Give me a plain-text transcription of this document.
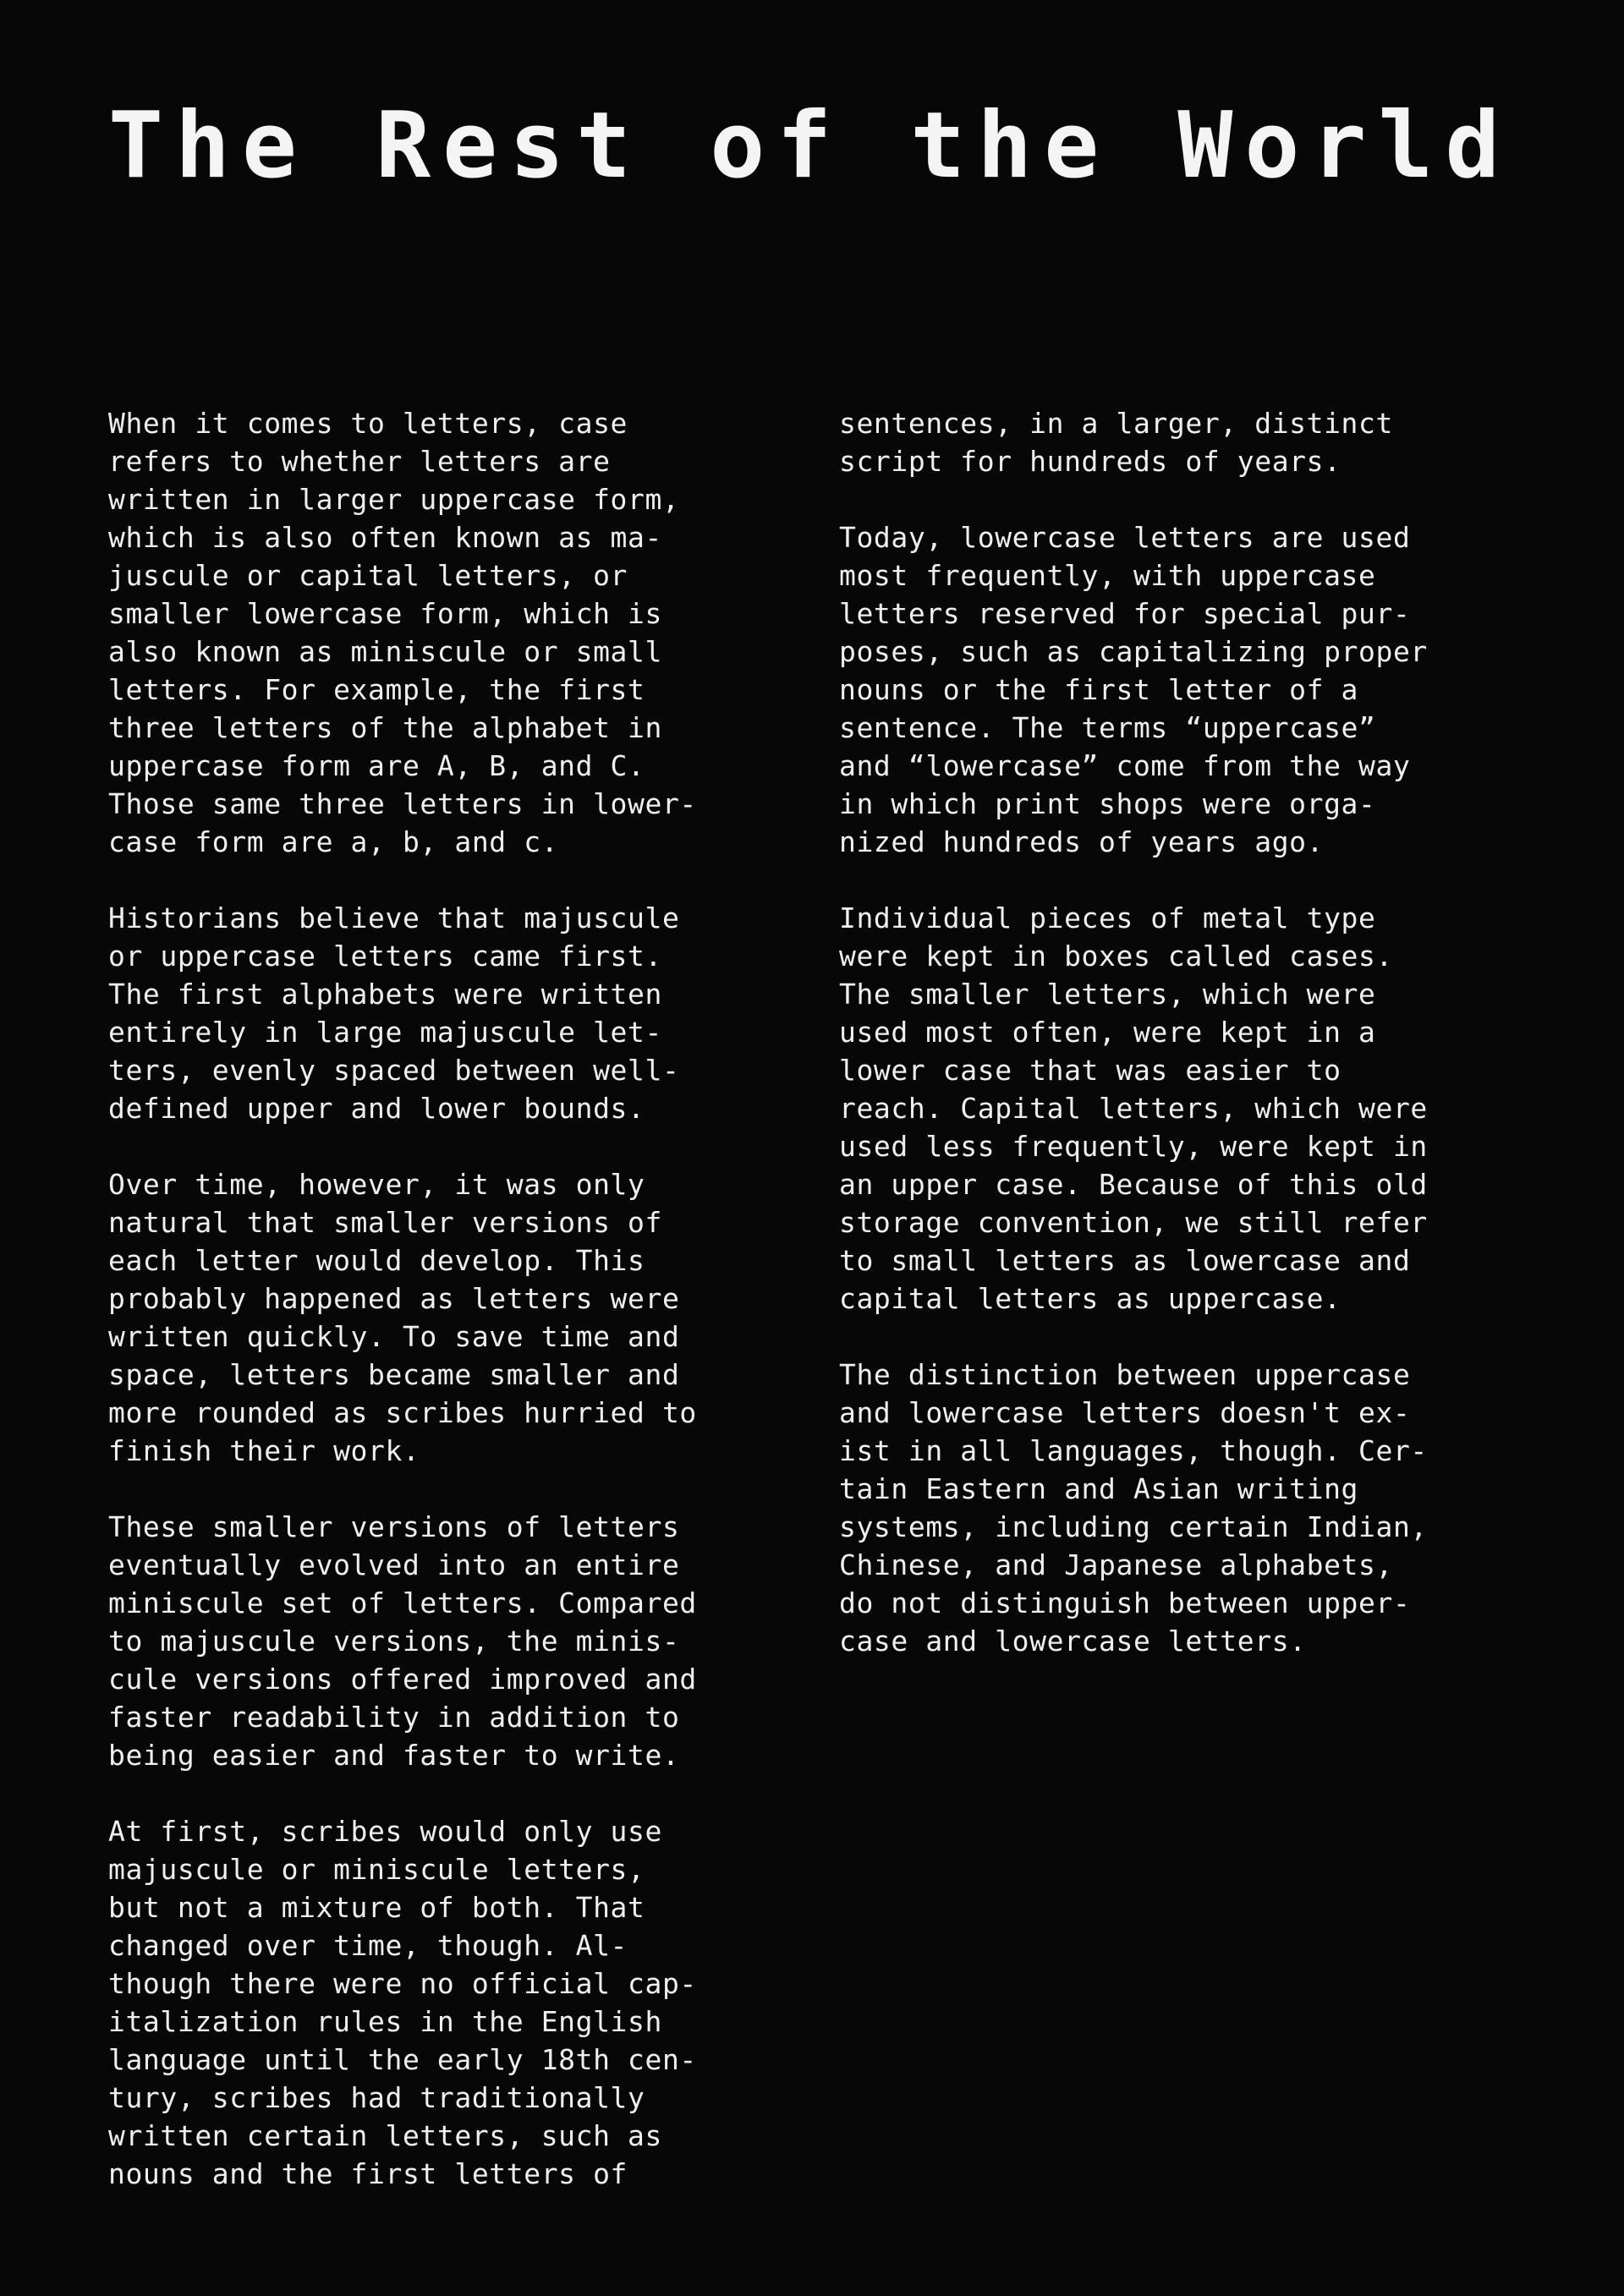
The Rest of the World

When it comes to letters, case
refers to whether letters are
written in larger uppercase form,
which is also often known as ma-
juscule or capital letters, or
smaller lowercase form, which is
also known as miniscule or small
letters. For example, the first
three letters of the alphabet in
uppercase form are A, B, and C.
Those same three letters in lower-
case form are a, b, and c.

Historians believe that majuscule
or uppercase letters came first.
The first alphabets were written
entirely in large majuscule let-
ters, evenly spaced between well-
defined upper and lower bounds.

Over time, however, it was only
natural that smaller versions of
each letter would develop. This
probably happened as letters were
written quickly. To save time and
space, letters became smaller and
more rounded as scribes hurried to
finish their work.

These smaller versions of letters
eventually evolved into an entire
miniscule set of letters. Compared
to majuscule versions, the minis-
cule versions offered improved and
faster readability in addition to
being easier and faster to write.

At first, scribes would only use
majuscule or miniscule letters,
but not a mixture of both. That
changed over time, though. Al-
though there were no official cap-
italization rules in the English
language until the early 18th cen-
tury, scribes had traditionally
written certain letters, such as
nouns and the first letters of
sentences, in a larger, distinct
script for hundreds of years.

Today, lowercase letters are used
most frequently, with uppercase
letters reserved for special pur-
poses, such as capitalizing proper
nouns or the first letter of a
sentence. The terms “uppercase”
and “lowercase” come from the way
in which print shops were orga-
nized hundreds of years ago.

Individual pieces of metal type
were kept in boxes called cases.
The smaller letters, which were
used most often, were kept in a
lower case that was easier to
reach. Capital letters, which were
used less frequently, were kept in
an upper case. Because of this old
storage convention, we still refer
to small letters as lowercase and
capital letters as uppercase.

The distinction between uppercase
and lowercase letters doesn't ex-
ist in all languages, though. Cer-
tain Eastern and Asian writing
systems, including certain Indian,
Chinese, and Japanese alphabets,
do not distinguish between upper-
case and lowercase letters.
